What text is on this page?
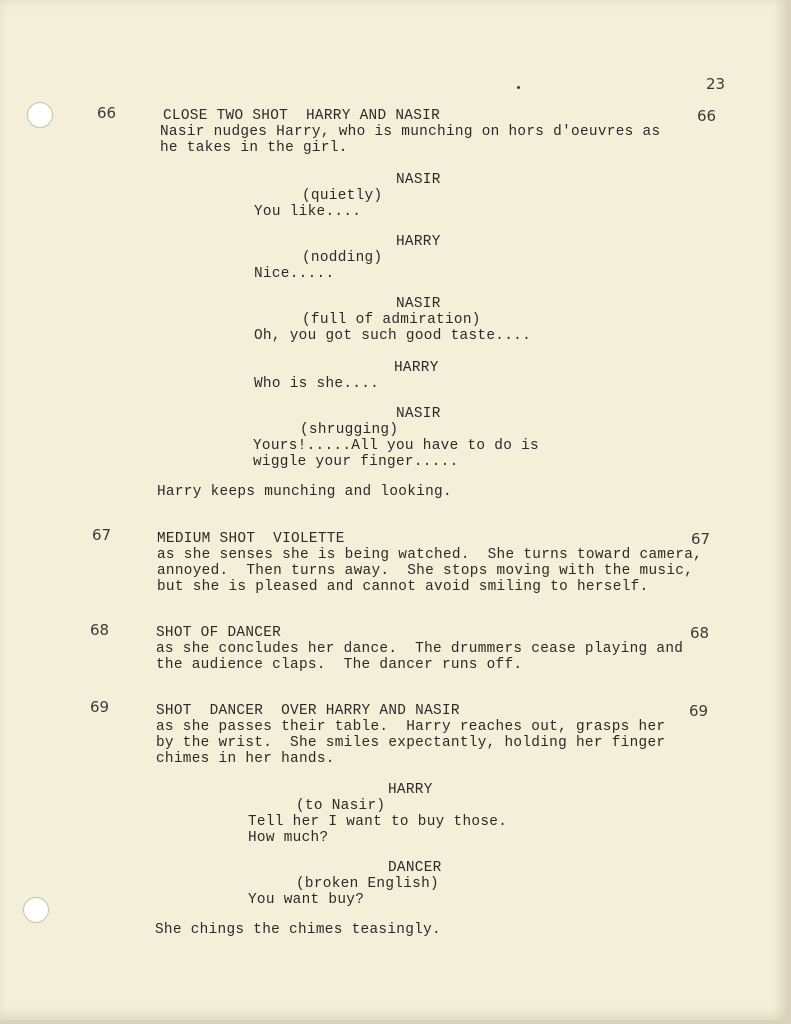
23

66	CLOSE TWO SHOT  HARRY AND NASIR	66

Nasir nudges Harry, who is munching on hors d'oeuvres as

he takes in the girl.

NASIR

(quietly)

You like....

HARRY

(nodding)

Nice.....

NASIR

(full of admiration)

Oh, you got such good taste....

HARRY

Who is she....

NASIR

(shrugging)

Yours!.....All you have to do is

wiggle your finger.....

Harry keeps munching and looking.

67	MEDIUM SHOT  VIOLETTE	67

as she senses she is being watched.  She turns toward camera,

annoyed.  Then turns away.  She stops moving with the music,

but she is pleased and cannot avoid smiling to herself.

68	SHOT OF DANCER	68

as she concludes her dance.  The drummers cease playing and

the audience claps.  The dancer runs off.

69	SHOT  DANCER  OVER HARRY AND NASIR	69

as she passes their table.  Harry reaches out, grasps her

by the wrist.  She smiles expectantly, holding her finger

chimes in her hands.

HARRY

(to Nasir)

Tell her I want to buy those.

How much?

DANCER

(broken English)

You want buy?

She chings the chimes teasingly.
